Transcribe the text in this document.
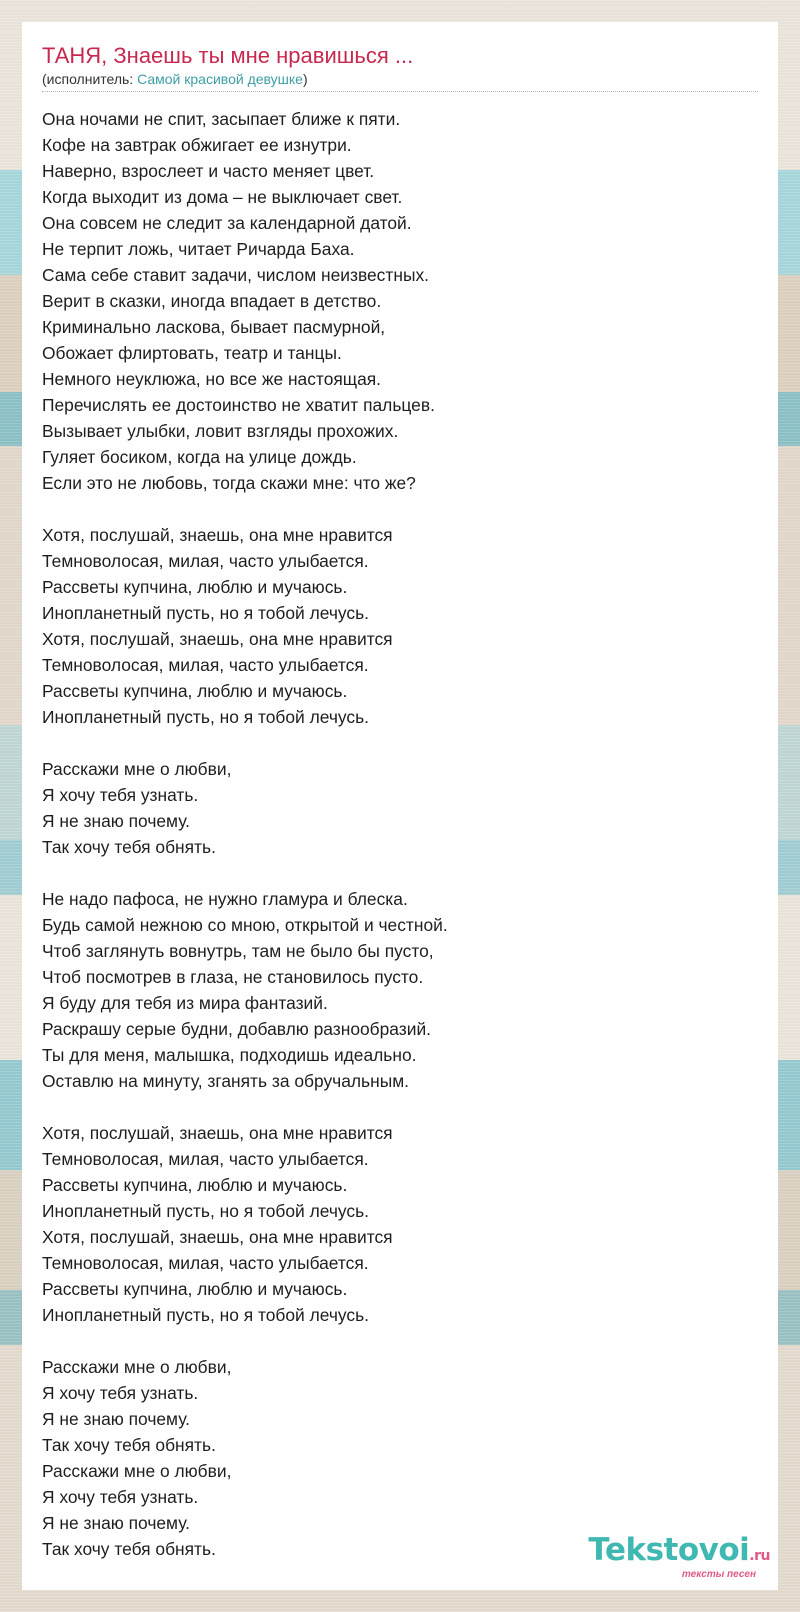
ТАНЯ, Знаешь ты мне нравишься ...
(исполнитель: Самой красивой девушке)
Она ночами не спит, засыпает ближе к пяти.
Кофе на завтрак обжигает ее изнутри.
Наверно, взрослеет и часто меняет цвет.
Когда выходит из дома – не выключает свет.
Она совсем не следит за календарной датой.
Не терпит ложь, читает Ричарда Баха.
Сама себе ставит задачи, числом неизвестных.
Верит в сказки, иногда впадает в детство.
Криминально ласкова, бывает пасмурной,
Обожает флиртовать, театр и танцы.
Немного неуклюжа, но все же настоящая.
Перечислять ее достоинство не хватит пальцев.
Вызывает улыбки, ловит взгляды прохожих.
Гуляет босиком, когда на улице дождь.
Если это не любовь, тогда скажи мне: что же?
Хотя, послушай, знаешь, она мне нравится
Темноволосая, милая, часто улыбается.
Рассветы купчина, люблю и мучаюсь.
Инопланетный пусть, но я тобой лечусь.
Хотя, послушай, знаешь, она мне нравится
Темноволосая, милая, часто улыбается.
Рассветы купчина, люблю и мучаюсь.
Инопланетный пусть, но я тобой лечусь.
Расскажи мне о любви,
Я хочу тебя узнать.
Я не знаю почему.
Так хочу тебя обнять.
Не надо пафоса, не нужно гламура и блеска.
Будь самой нежною со мною, открытой и честной.
Чтоб заглянуть вовнутрь, там не было бы пусто,
Чтоб посмотрев в глаза, не становилось пусто.
Я буду для тебя из мира фантазий.
Раскрашу серые будни, добавлю разнообразий.
Ты для меня, малышка, подходишь идеально.
Оставлю на минуту, зганять за обручальным.
Хотя, послушай, знаешь, она мне нравится
Темноволосая, милая, часто улыбается.
Рассветы купчина, люблю и мучаюсь.
Инопланетный пусть, но я тобой лечусь.
Хотя, послушай, знаешь, она мне нравится
Темноволосая, милая, часто улыбается.
Рассветы купчина, люблю и мучаюсь.
Инопланетный пусть, но я тобой лечусь.
Расскажи мне о любви,
Я хочу тебя узнать.
Я не знаю почему.
Так хочу тебя обнять.
Расскажи мне о любви,
Я хочу тебя узнать.
Я не знаю почему.
Так хочу тебя обнять.	Tekstovoi.ru
тексты песен
